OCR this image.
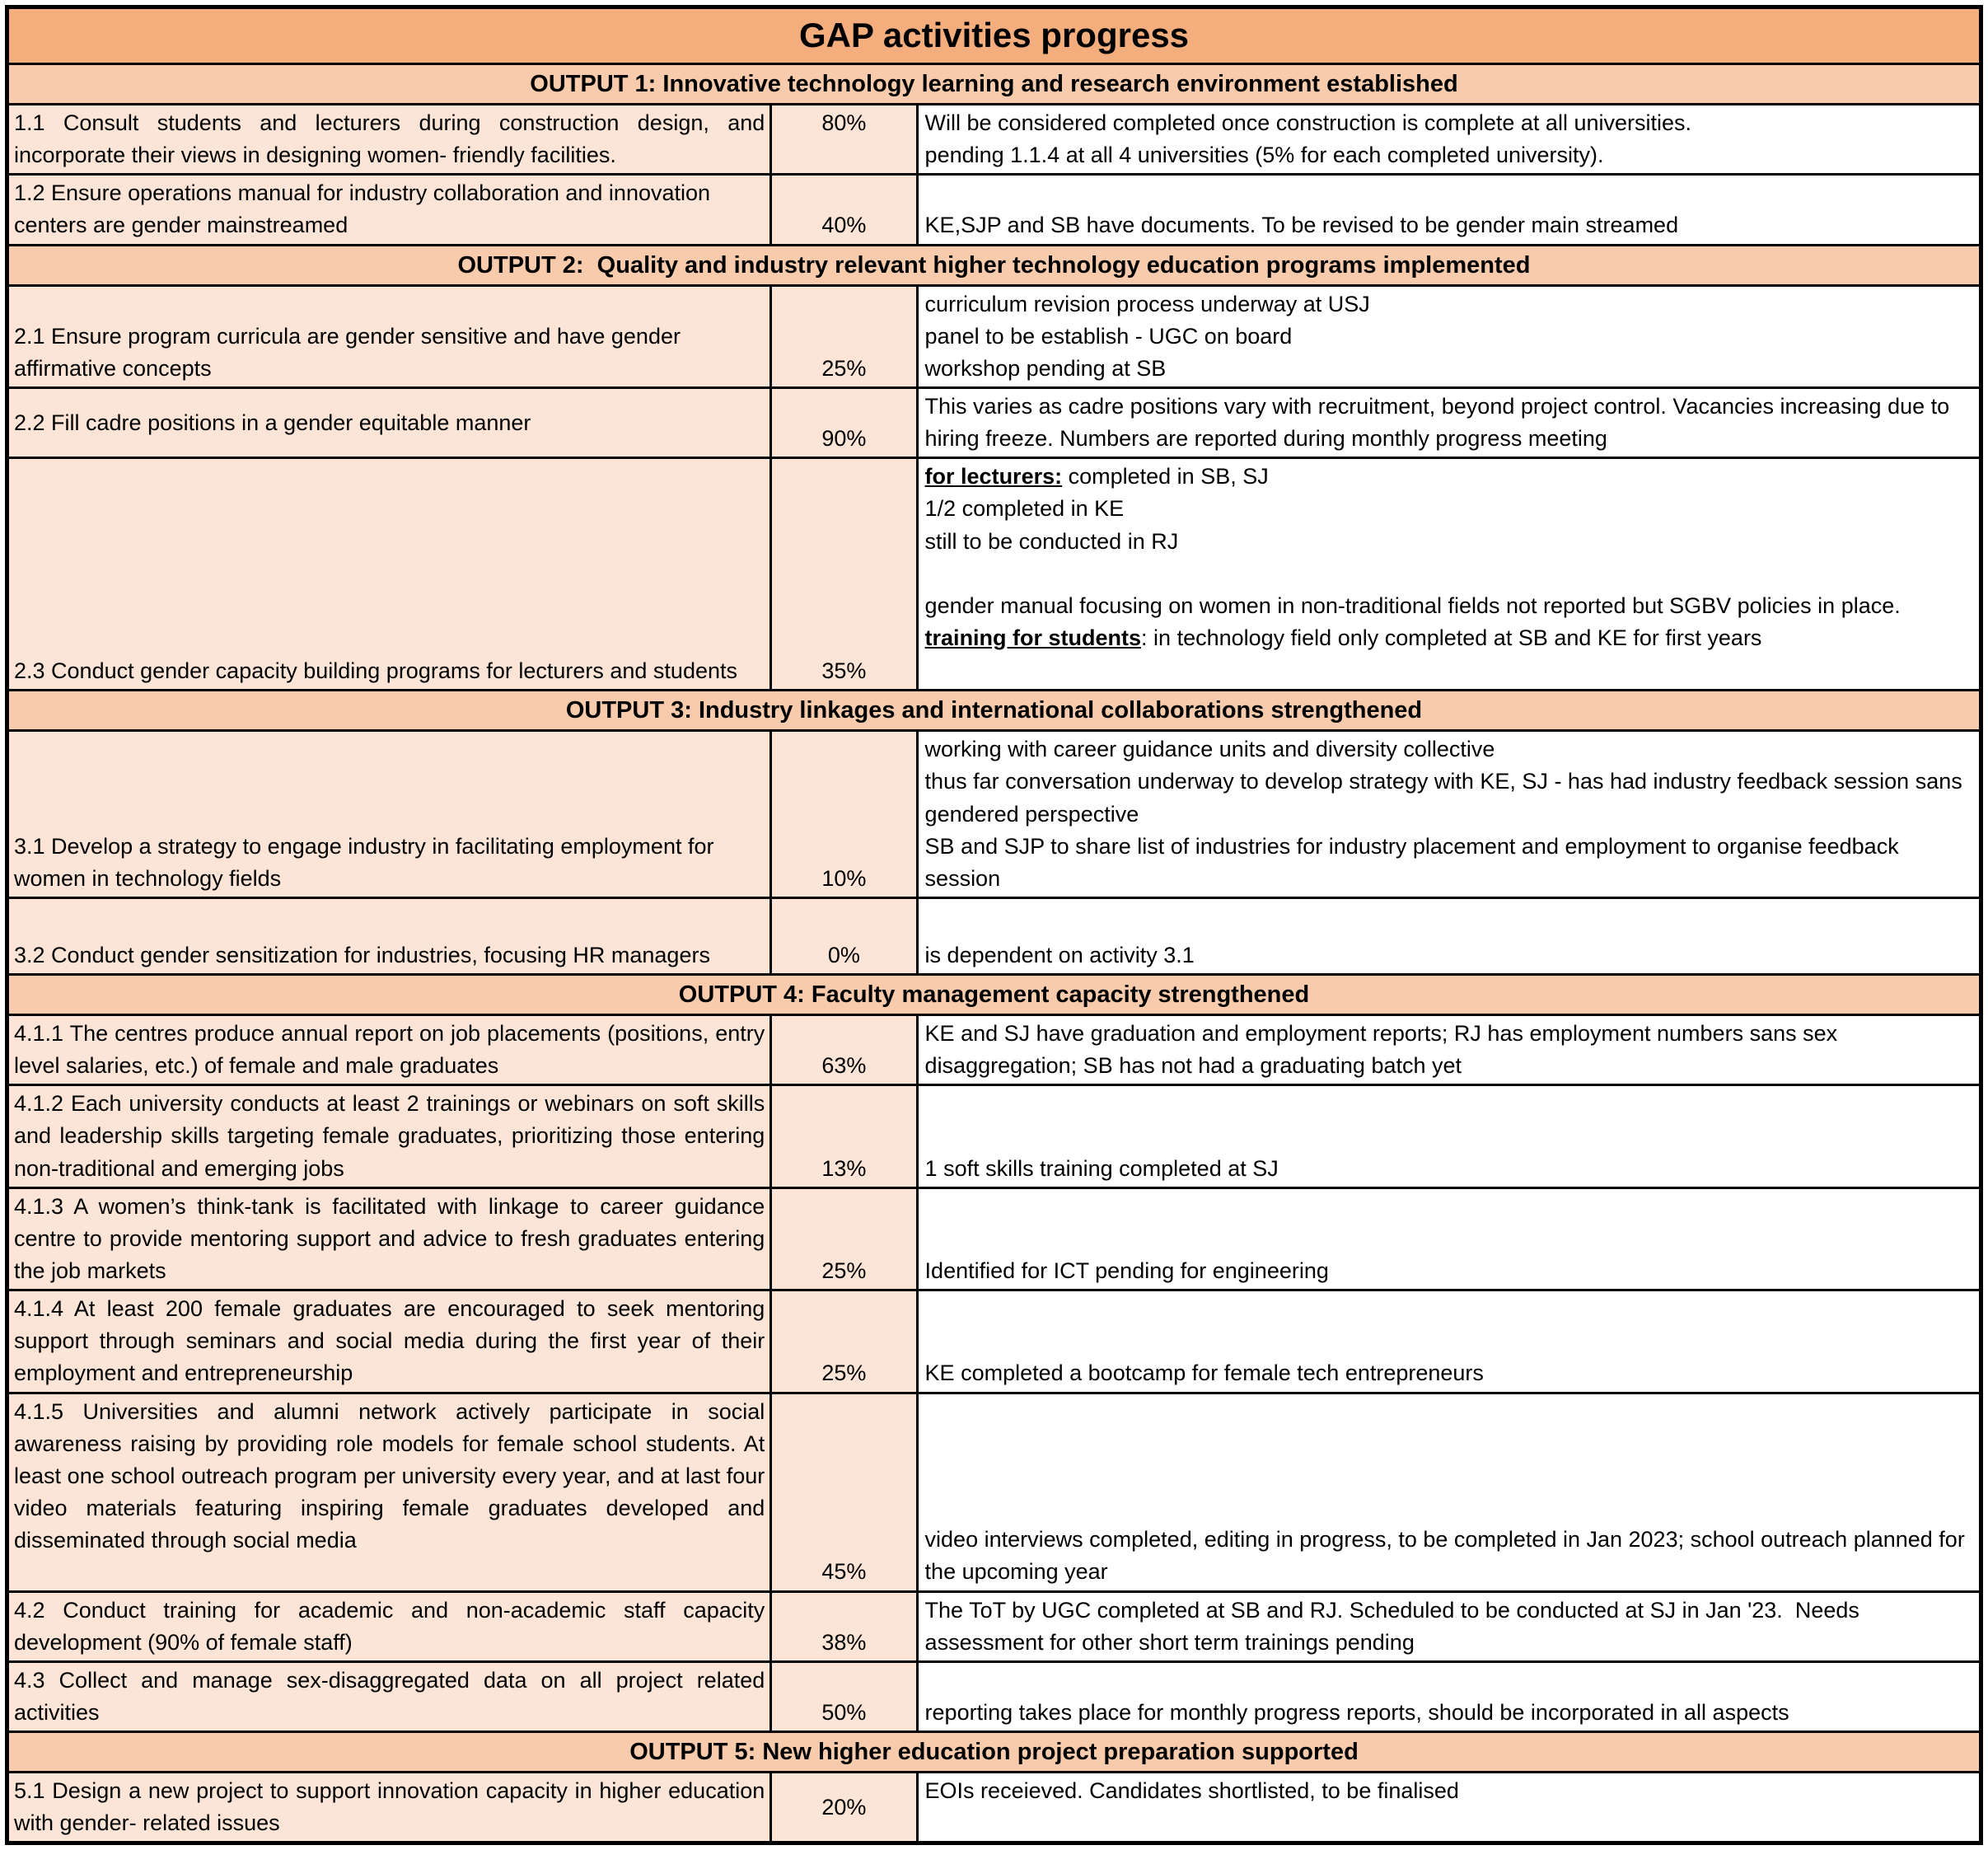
GAP activities progress		
OUTPUT 1: Innovative technology learning and research environment established		
1.1 Consult students and lecturers during construction design, and incorporate their views in designing women- friendly facilities.	80%	Will be considered completed once construction is complete at all universities.
pending 1.1.4 at all 4 universities (5% for each completed university).

1.2 Ensure operations manual for industry collaboration and innovation centers are gender mainstreamed	40%	KE,SJP and SB have documents. To be revised to be gender main streamed

OUTPUT 2:  Quality and industry relevant higher technology education programs implemented		
2.1 Ensure program curricula are gender sensitive and have gender affirmative concepts	25%	curriculum revision process underway at USJ
panel to be establish - UGC on board
workshop pending at SB

2.2 Fill cadre positions in a gender equitable manner	90%	This varies as cadre positions vary with recruitment, beyond project control. Vacancies increasing due to hiring freeze. Numbers are reported during monthly progress meeting

2.3 Conduct gender capacity building programs for lecturers and students	35%	for lecturers: completed in SB, SJ
1/2 completed in KE
still to be conducted in RJ
gender manual focusing on women in non-traditional fields not reported but SGBV policies in place.
training for students: in technology field only completed at SB and KE for first years

OUTPUT 3: Industry linkages and international collaborations strengthened		
3.1 Develop a strategy to engage industry in facilitating employment for women in technology fields	10%	working with career guidance units and diversity collective
thus far conversation underway to develop strategy with KE, SJ - has had industry feedback session sans gendered perspective
SB and SJP to share list of industries for industry placement and employment to organise feedback session

3.2 Conduct gender sensitization for industries, focusing HR managers	0%	is dependent on activity 3.1

OUTPUT 4: Faculty management capacity strengthened		
4.1.1 The centres produce annual report on job placements (positions, entry level salaries, etc.) of female and male graduates	63%	KE and SJ have graduation and employment reports; RJ has employment numbers sans sex disaggregation; SB has not had a graduating batch yet

4.1.2 Each university conducts at least 2 trainings or webinars on soft skills and leadership skills targeting female graduates, prioritizing those entering non-traditional and emerging jobs	13%	1 soft skills training completed at SJ

4.1.3 A women’s think-tank is facilitated with linkage to career guidance centre to provide mentoring support and advice to fresh graduates entering the job markets	25%	Identified for ICT pending for engineering

4.1.4 At least 200 female graduates are encouraged to seek mentoring support through seminars and social media during the first year of their employment and entrepreneurship	25%	KE completed a bootcamp for female tech entrepreneurs

4.1.5 Universities and alumni network actively participate in social awareness raising by providing role models for female school students. At least one school outreach program per university every year, and at last four video materials featuring inspiring female graduates developed and disseminated through social media	45%	video interviews completed, editing in progress, to be completed in Jan 2023; school outreach planned for the upcoming year

4.2 Conduct training for academic and non-academic staff capacity development (90% of female staff)	38%	The ToT by UGC completed at SB and RJ. Scheduled to be conducted at SJ in Jan '23.  Needs assessment for other short term trainings pending

4.3 Collect and manage sex-disaggregated data on all project related activities	50%	reporting takes place for monthly progress reports, should be incorporated in all aspects

OUTPUT 5: New higher education project preparation supported		
5.1 Design a new project to support innovation capacity in higher education with gender- related issues	20%	EOIs receieved. Candidates shortlisted, to be finalised
